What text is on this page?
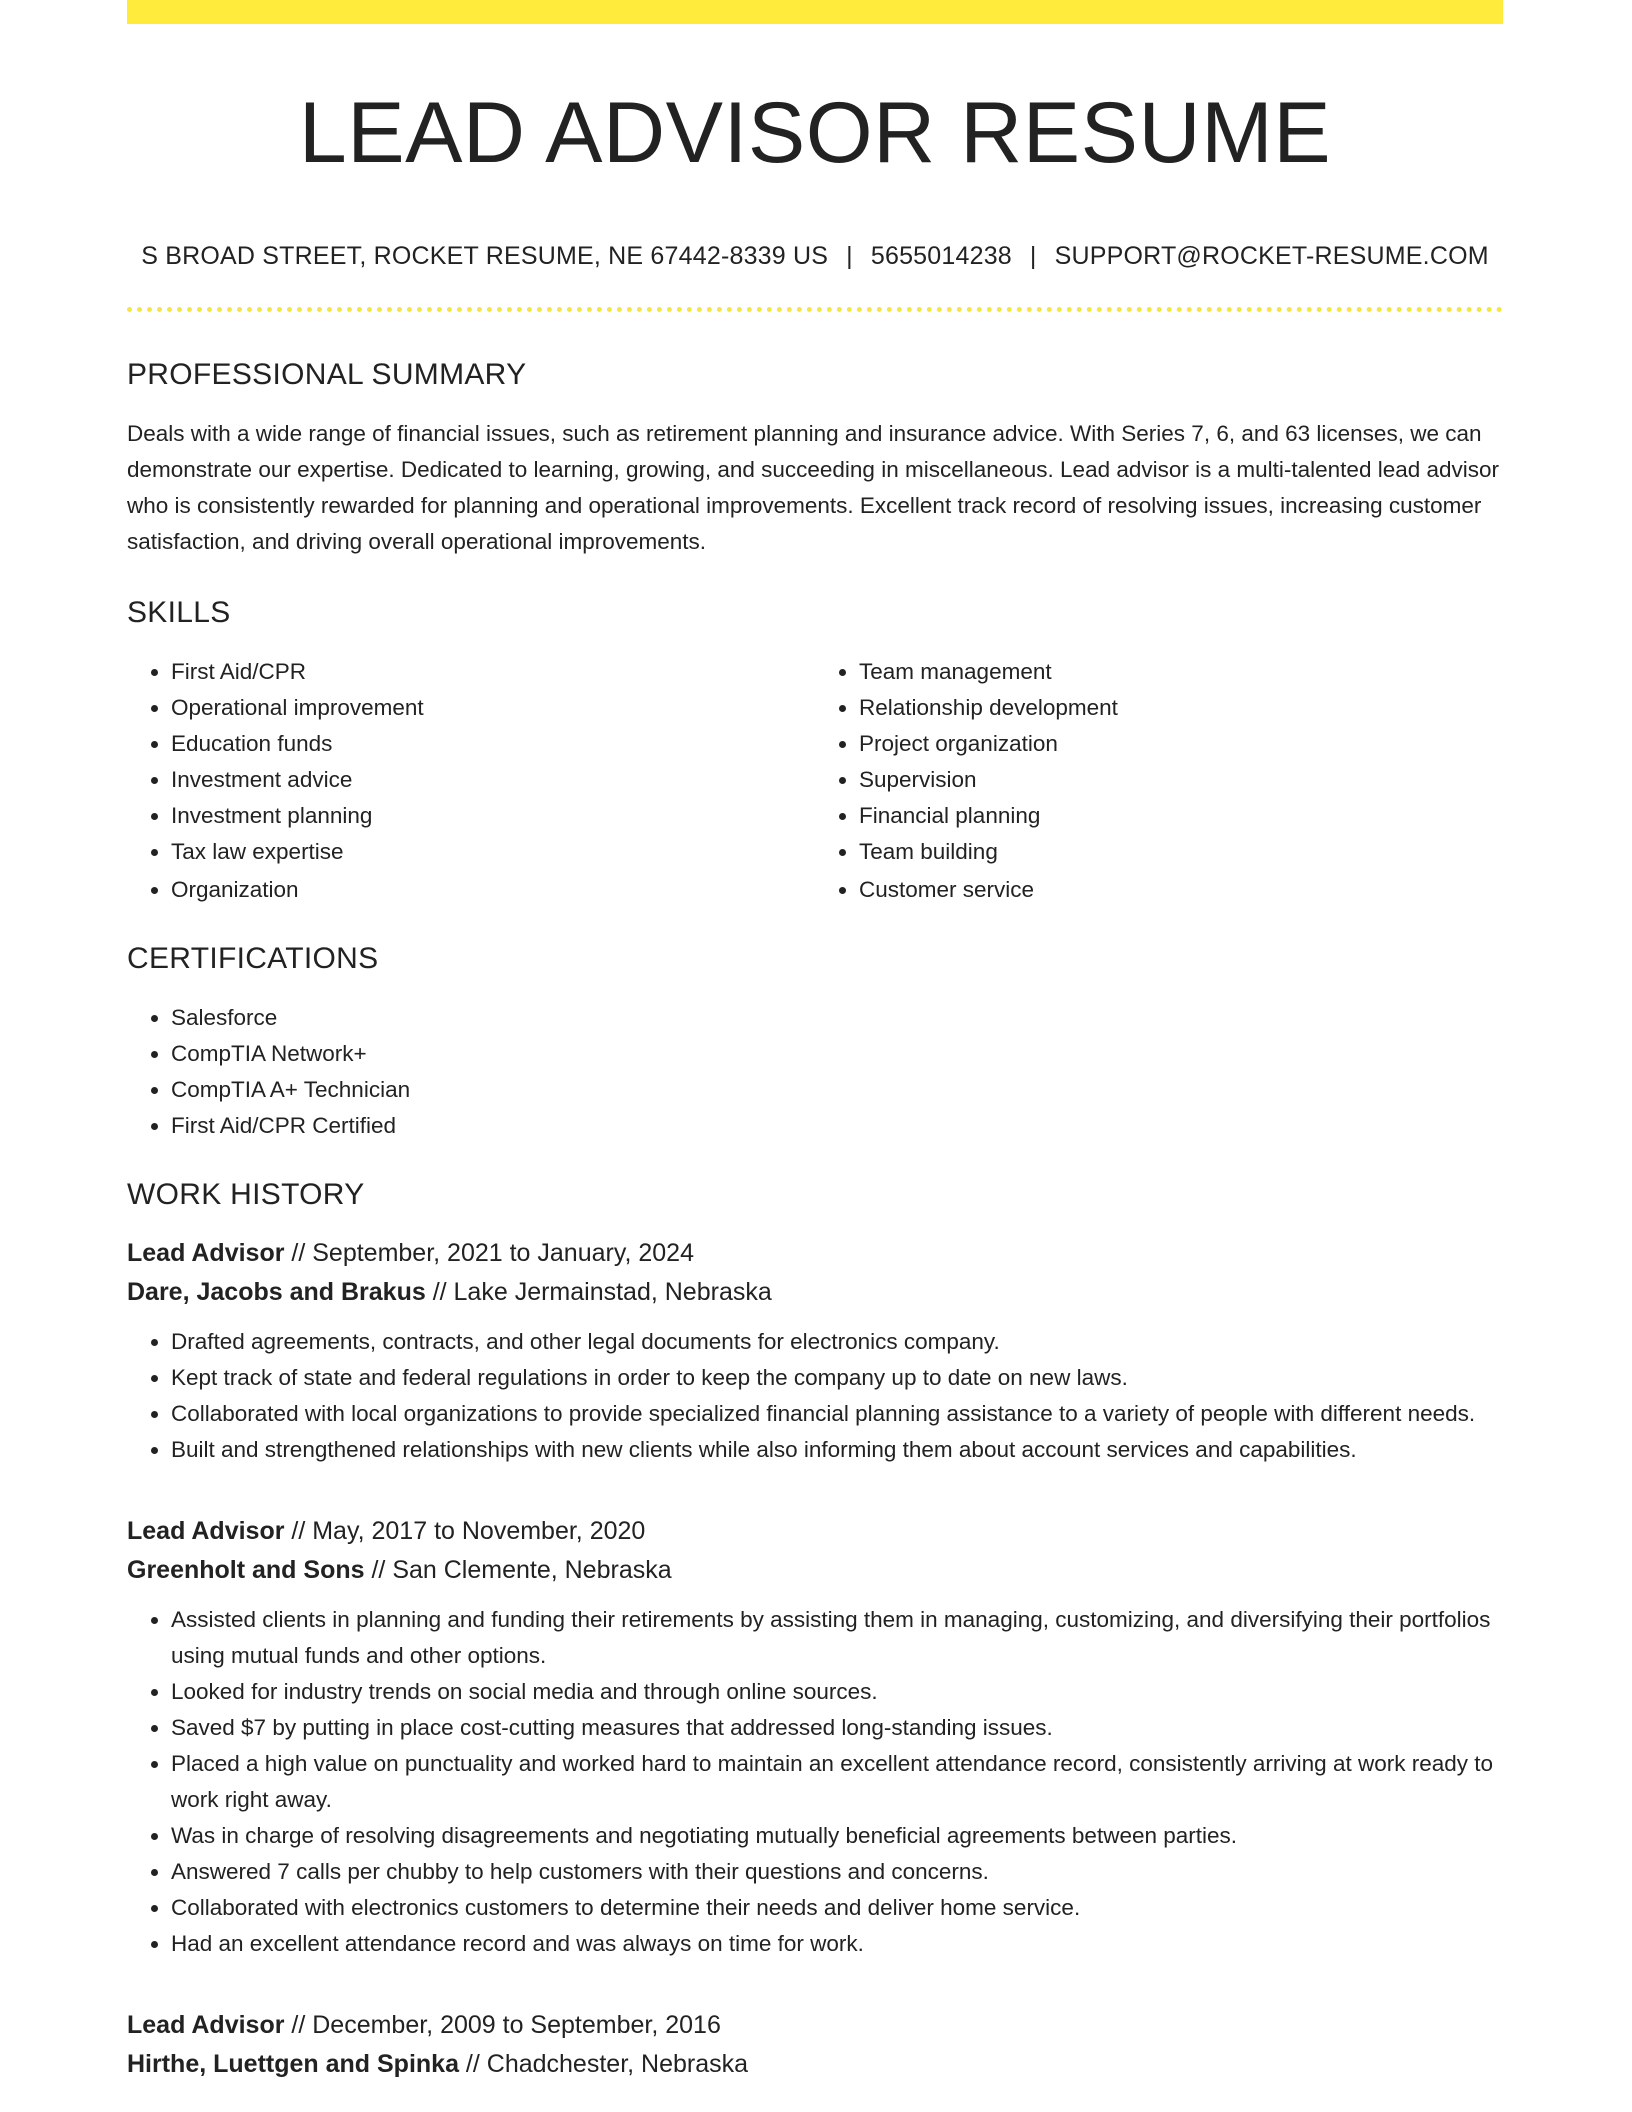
LEAD ADVISOR RESUME
S BROAD STREET, ROCKET RESUME, NE 67442-8339 US | 5655014238 | SUPPORT@ROCKET-RESUME.COM
PROFESSIONAL SUMMARY

Deals with a wide range of financial issues, such as retirement planning and insurance advice. With Series 7, 6, and 63 licenses, we can demonstrate our expertise. Dedicated to learning, growing, and succeeding in miscellaneous. Lead advisor is a multi-talented lead advisor who is consistently rewarded for planning and operational improvements. Excellent track record of resolving issues, increasing customer satisfaction, and driving overall operational improvements.

SKILLS
• First Aid/CPR
• Operational improvement
• Education funds
• Investment advice
• Investment planning
• Tax law expertise
• Organization
• Team management
• Relationship development
• Project organization
• Supervision
• Financial planning
• Team building
• Customer service
CERTIFICATIONS
• Salesforce
• CompTIA Network+
• CompTIA A+ Technician
• First Aid/CPR Certified
WORK HISTORY
Lead Advisor // September, 2021 to January, 2024
Dare, Jacobs and Brakus // Lake Jermainstad, Nebraska
• Drafted agreements, contracts, and other legal documents for electronics company.
• Kept track of state and federal regulations in order to keep the company up to date on new laws.
• Collaborated with local organizations to provide specialized financial planning assistance to a variety of people with different needs.
• Built and strengthened relationships with new clients while also informing them about account services and capabilities.
Lead Advisor // May, 2017 to November, 2020
Greenholt and Sons // San Clemente, Nebraska
• Assisted clients in planning and funding their retirements by assisting them in managing, customizing, and diversifying their portfolios using mutual funds and other options.
• Looked for industry trends on social media and through online sources.
• Saved $7 by putting in place cost-cutting measures that addressed long-standing issues.
• Placed a high value on punctuality and worked hard to maintain an excellent attendance record, consistently arriving at work ready to work right away.
• Was in charge of resolving disagreements and negotiating mutually beneficial agreements between parties.
• Answered 7 calls per chubby to help customers with their questions and concerns.
• Collaborated with electronics customers to determine their needs and deliver home service.
• Had an excellent attendance record and was always on time for work.
Lead Advisor // December, 2009 to September, 2016
Hirthe, Luettgen and Spinka // Chadchester, Nebraska
